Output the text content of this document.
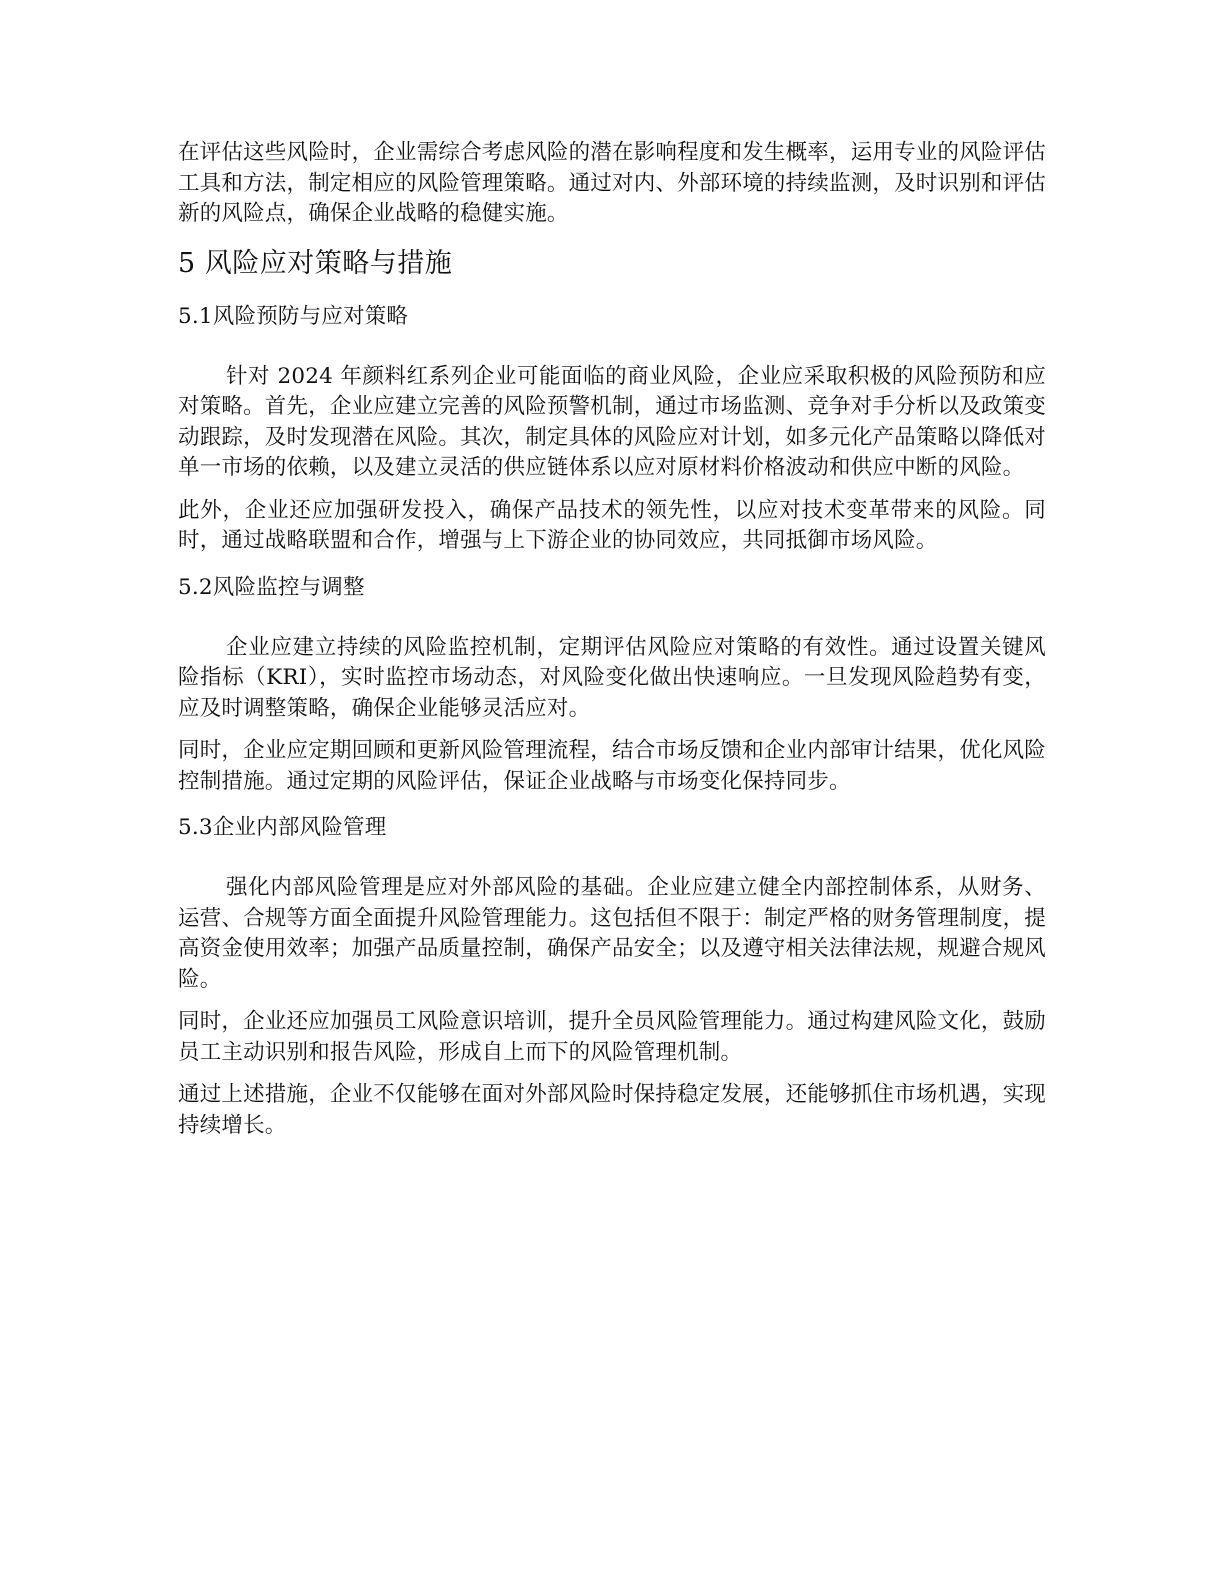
在评估这些风险时，企业需综合考虑风险的潜在影响程度和发生概率，运用专业的风险评估工具和方法，制定相应的风险管理策略。通过对内、外部环境的持续监测，及时识别和评估新的风险点，确保企业战略的稳健实施。

5 风险应对策略与措施
5.1风险预防与应对策略

针对 2024 年颜料红系列企业可能面临的商业风险，企业应采取积极的风险预防和应对策略。首先，企业应建立完善的风险预警机制，通过市场监测、竞争对手分析以及政策变动跟踪，及时发现潜在风险。其次，制定具体的风险应对计划，如多元化产品策略以降低对单一市场的依赖，以及建立灵活的供应链体系以应对原材料价格波动和供应中断的风险。

此外，企业还应加强研发投入，确保产品技术的领先性，以应对技术变革带来的风险。同时，通过战略联盟和合作，增强与上下游企业的协同效应，共同抵御市场风险。

5.2风险监控与调整

企业应建立持续的风险监控机制，定期评估风险应对策略的有效性。通过设置关键风险指标（KRI），实时监控市场动态，对风险变化做出快速响应。一旦发现风险趋势有变，应及时调整策略，确保企业能够灵活应对。

同时，企业应定期回顾和更新风险管理流程，结合市场反馈和企业内部审计结果，优化风险控制措施。通过定期的风险评估，保证企业战略与市场变化保持同步。

5.3企业内部风险管理

强化内部风险管理是应对外部风险的基础。企业应建立健全内部控制体系，从财务、运营、合规等方面全面提升风险管理能力。这包括但不限于：制定严格的财务管理制度，提高资金使用效率；加强产品质量控制，确保产品安全；以及遵守相关法律法规，规避合规风险。

同时，企业还应加强员工风险意识培训，提升全员风险管理能力。通过构建风险文化，鼓励员工主动识别和报告风险，形成自上而下的风险管理机制。

通过上述措施，企业不仅能够在面对外部风险时保持稳定发展，还能够抓住市场机遇，实现持续增长。
